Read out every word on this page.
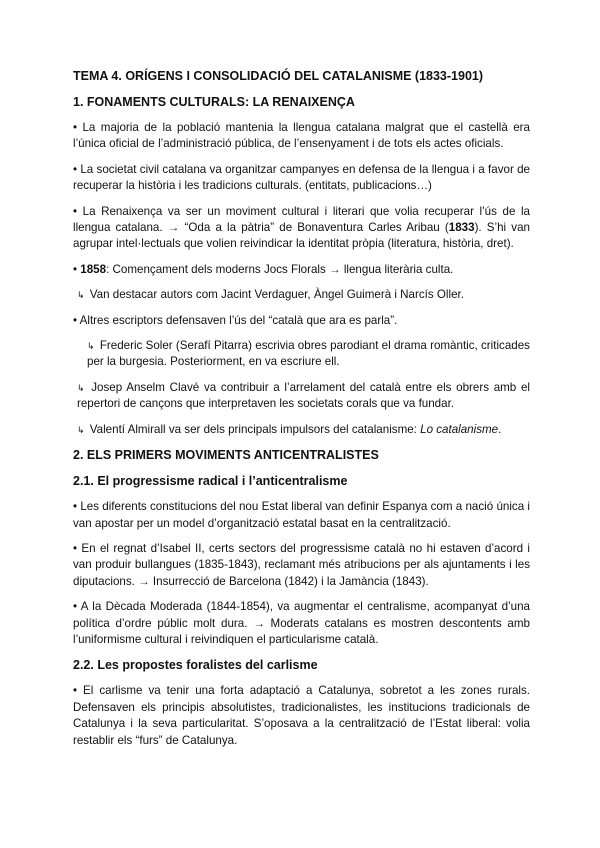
TEMA 4. ORÍGENS I CONSOLIDACIÓ DEL CATALANISME (1833-1901)
1. FONAMENTS CULTURALS: LA RENAIXENÇA

• La majoria de la població mantenia la llengua catalana malgrat que el castellà era l’única oficial de l’administració pública, de l’ensenyament i de tots els actes oficials.

• La societat civil catalana va organitzar campanyes en defensa de la llengua i a favor de recuperar la història i les tradicions culturals. (entitats, publicacions…)

• La Renaixença va ser un moviment cultural i literari que volia recuperar l’ús de la llengua catalana. → “Oda a la pàtria” de Bonaventura Carles Aribau (1833). S’hi van agrupar intel·lectuals que volien reivindicar la identitat pròpia (literatura, història, dret).

• 1858: Començament dels moderns Jocs Florals → llengua literària culta.

↳ Van destacar autors com Jacint Verdaguer, Àngel Guimerà i Narcís Oller.

• Altres escriptors defensaven l’ús del “català que ara es parla”.

↳ Frederic Soler (Serafí Pitarra) escrivia obres parodiant el drama romàntic, criticades per la burgesia. Posteriorment, en va escriure ell.

↳ Josep Anselm Clavé va contribuir a l’arrelament del català entre els obrers amb el repertori de cançons que interpretaven les societats corals que va fundar.

↳ Valentí Almirall va ser dels principals impulsors del catalanisme: Lo catalanisme.

2. ELS PRIMERS MOVIMENTS ANTICENTRALISTES
2.1. El progressisme radical i l’anticentralisme

• Les diferents constitucions del nou Estat liberal van definir Espanya com a nació única i van apostar per un model d’organització estatal basat en la centralització.

• En el regnat d’Isabel II, certs sectors del progressisme català no hi estaven d’acord i van produir bullangues (1835-1843), reclamant més atribucions per als ajuntaments i les diputacions. → Insurrecció de Barcelona (1842) i la Jamància (1843).

• A la Dècada Moderada (1844-1854), va augmentar el centralisme, acompanyat d’una política d’ordre públic molt dura. → Moderats catalans es mostren descontents amb l’uniformisme cultural i reivindiquen el particularisme català.

2.2. Les propostes foralistes del carlisme

• El carlisme va tenir una forta adaptació a Catalunya, sobretot a les zones rurals. Defensaven els principis absolutistes, tradicionalistes, les institucions tradicionals de Catalunya i la seva particularitat. S’oposava a la centralització de l’Estat liberal: volia restablir els “furs” de Catalunya.
